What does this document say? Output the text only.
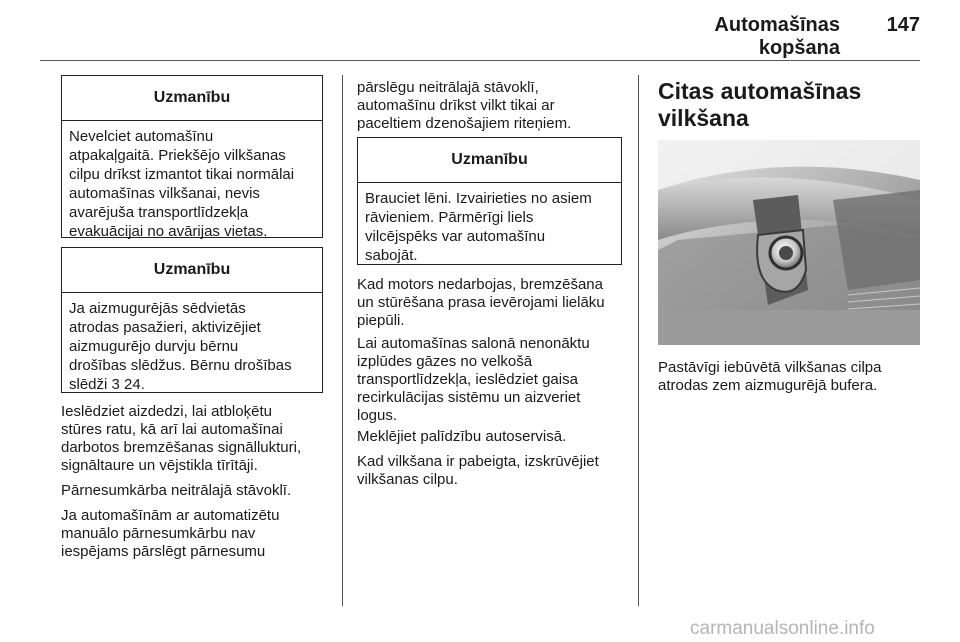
Automašīnas kopšana
147
Uzmanību
Nevelciet automašīnu
atpakaļgaitā. Priekšējo vilkšanas
cilpu drīkst izmantot tikai normālai
automašīnas vilkšanai, nevis
avarējuša transportlīdzekļa
evakuācijai no avārijas vietas.
Uzmanību
Ja aizmugurējās sēdvietās
atrodas pasažieri, aktivizējiet
aizmugurējo durvju bērnu
drošības slēdžus. Bērnu drošības
slēdži 3 24.
Ieslēdziet aizdedzi, lai atbloķētu
stūres ratu, kā arī lai automašīnai
darbotos bremzēšanas signāllukturi,
signāltaure un vējstikla tīrītāji.
Pārnesumkārba neitrālajā stāvoklī.
Ja automašīnām ar automatizētu
manuālo pārnesumkārbu nav
iespējams pārslēgt pārnesumu
pārslēgu neitrālajā stāvoklī,
automašīnu drīkst vilkt tikai ar
paceltiem dzenošajiem riteņiem.
Uzmanību
Brauciet lēni. Izvairieties no asiem
rāvieniem. Pārmērīgi liels
vilcējspēks var automašīnu
sabojāt.
Kad motors nedarbojas, bremzēšana
un stūrēšana prasa ievērojami lielāku
piepūli.
Lai automašīnas salonā nenonāktu
izplūdes gāzes no velkošā
transportlīdzekļa, ieslēdziet gaisa
recirkulācijas sistēmu un aizveriet
logus.
Meklējiet palīdzību autoservisā.
Kad vilkšana ir pabeigta, izskrūvējiet
vilkšanas cilpu.
Citas automašīnas
vilkšana
Pastāvīgi iebūvētā vilkšanas cilpa
atrodas zem aizmugurējā bufera.
carmanualsonline.info
